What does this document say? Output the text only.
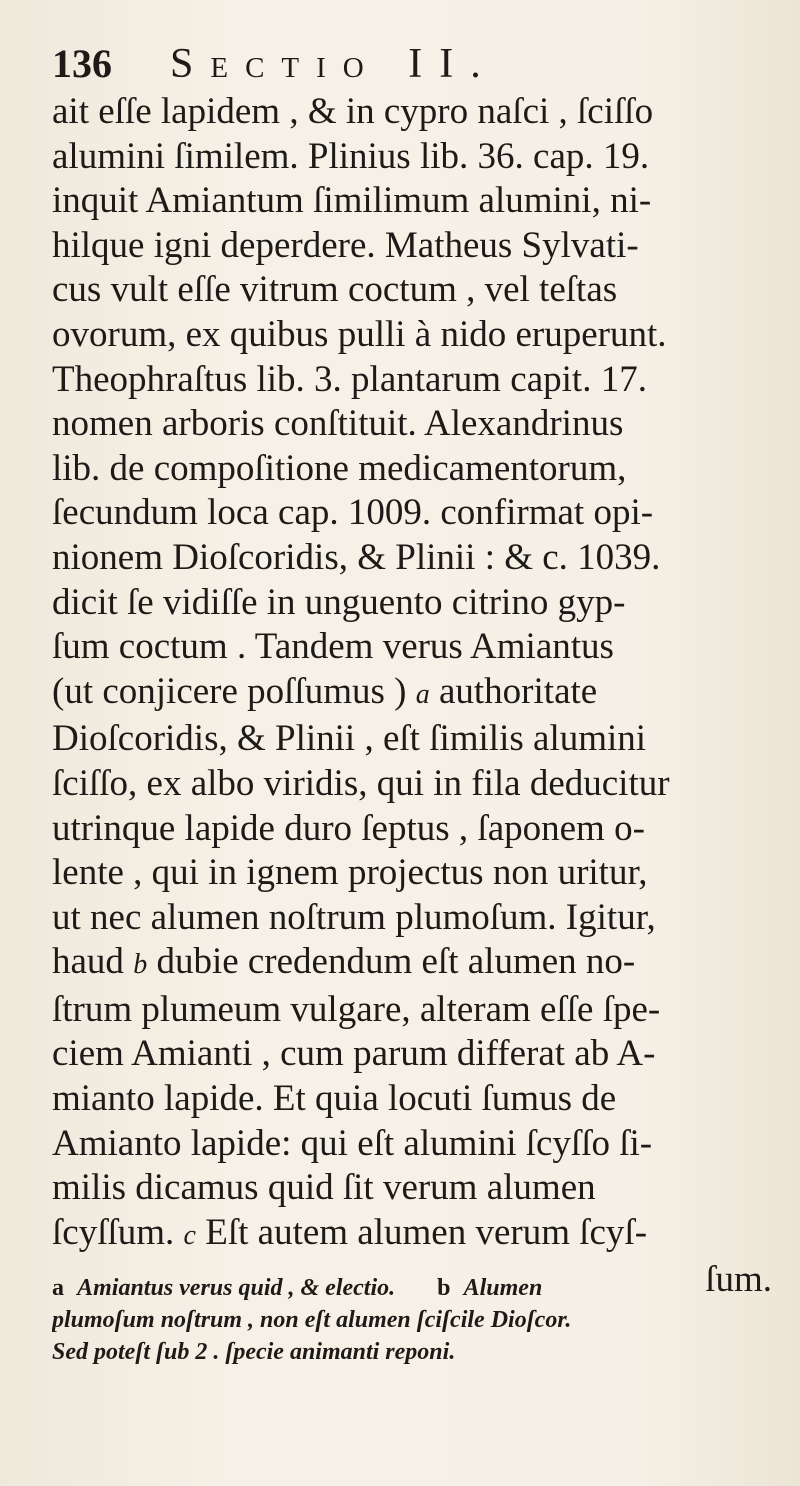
136 Sectio II.
ait eſſe lapidem , & in cypro naſci , ſciſſo
alumini ſimilem. Plinius lib. 36. cap. 19.
inquit Amiantum ſimilimum alumini, ni-
hilque igni deperdere. Matheus Sylvati-
cus vult eſſe vitrum coctum , vel teſtas
ovorum, ex quibus pulli à nido eruperunt.
Theophraſtus lib. 3. plantarum capit. 17.
nomen arboris conſtituit. Alexandrinus
lib. de compoſitione medicamentorum,
ſecundum loca cap. 1009. confirmat opi-
nionem Dioſcoridis, & Plinii : & c. 1039.
dicit ſe vidiſſe in unguento citrino gyp-
ſum coctum . Tandem verus Amiantus
(ut conjicere poſſumus ) a authoritate
Dioſcoridis, & Plinii , eſt ſimilis alumini
ſciſſo, ex albo viridis, qui in fila deducitur
utrinque lapide duro ſeptus , ſaponem o-
lente , qui in ignem projectus non uritur,
ut nec alumen noſtrum plumoſum. Igitur,
haud b dubie credendum eſt alumen no-
ſtrum plumeum vulgare, alteram eſſe ſpe-
ciem Amianti , cum parum differat ab A-
mianto lapide. Et quia locuti ſumus de
Amianto lapide: qui eſt alumini ſcyſſo ſi-
milis dicamus quid ſit verum alumen
ſcyſſum. c Eſt autem alumen verum ſcyſ-
ſum.
a Amiantus verus quid , & electio. b Alumen
plumoſum noſtrum , non eſt alumen ſciſcile Dioſcor.
Sed poteſt ſub 2 . ſpecie animanti reponi.
